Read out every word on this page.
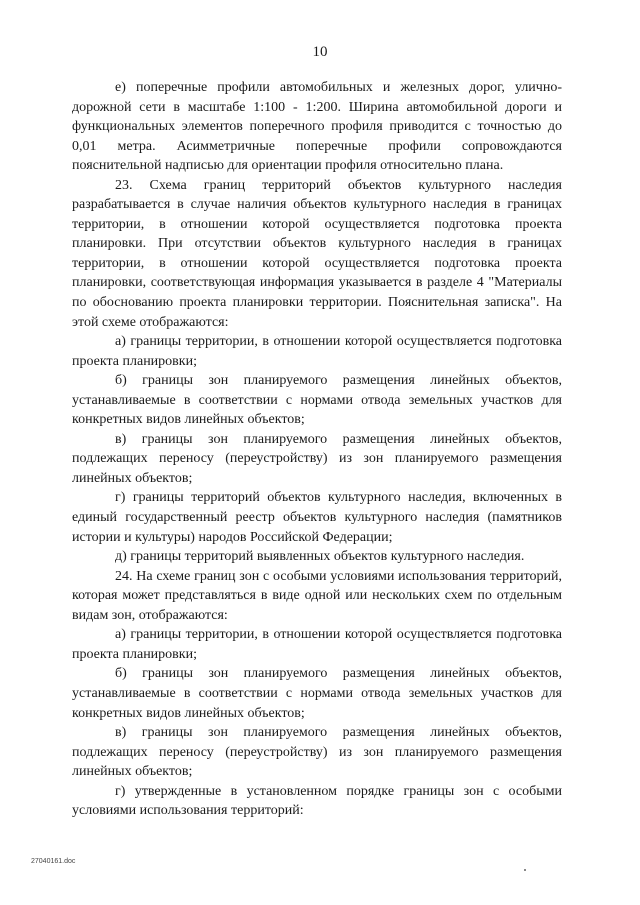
10

е) поперечные профили автомобильных и железных дорог, улично-дорожной сети в масштабе 1:100 - 1:200. Ширина автомобильной дороги и функциональных элементов поперечного профиля приводится с точностью до 0,01 метра. Асимметричные поперечные профили сопровождаются пояснительной надписью для ориентации профиля относительно плана.

23. Схема границ территорий объектов культурного наследия разрабатывается в случае наличия объектов культурного наследия в границах территории, в отношении которой осуществляется подготовка проекта планировки. При отсутствии объектов культурного наследия в границах территории, в отношении которой осуществляется подготовка проекта планировки, соответствующая информация указывается в разделе 4 "Материалы по обоснованию проекта планировки территории. Пояснительная записка". На этой схеме отображаются:

а) границы территории, в отношении которой осуществляется подготовка проекта планировки;

б) границы зон планируемого размещения линейных объектов, устанавливаемые в соответствии с нормами отвода земельных участков для конкретных видов линейных объектов;

в) границы зон планируемого размещения линейных объектов, подлежащих переносу (переустройству) из зон планируемого размещения линейных объектов;

г) границы территорий объектов культурного наследия, включенных в единый государственный реестр объектов культурного наследия (памятников истории и культуры) народов Российской Федерации;

д) границы территорий выявленных объектов культурного наследия.

24. На схеме границ зон с особыми условиями использования территорий, которая может представляться в виде одной или нескольких схем по отдельным видам зон, отображаются:

а) границы территории, в отношении которой осуществляется подготовка проекта планировки;

б) границы зон планируемого размещения линейных объектов, устанавливаемые в соответствии с нормами отвода земельных участков для конкретных видов линейных объектов;

в) границы зон планируемого размещения линейных объектов, подлежащих переносу (переустройству) из зон планируемого размещения линейных объектов;

г) утвержденные в установленном порядке границы зон с особыми условиями использования территорий:

27040161.doc
